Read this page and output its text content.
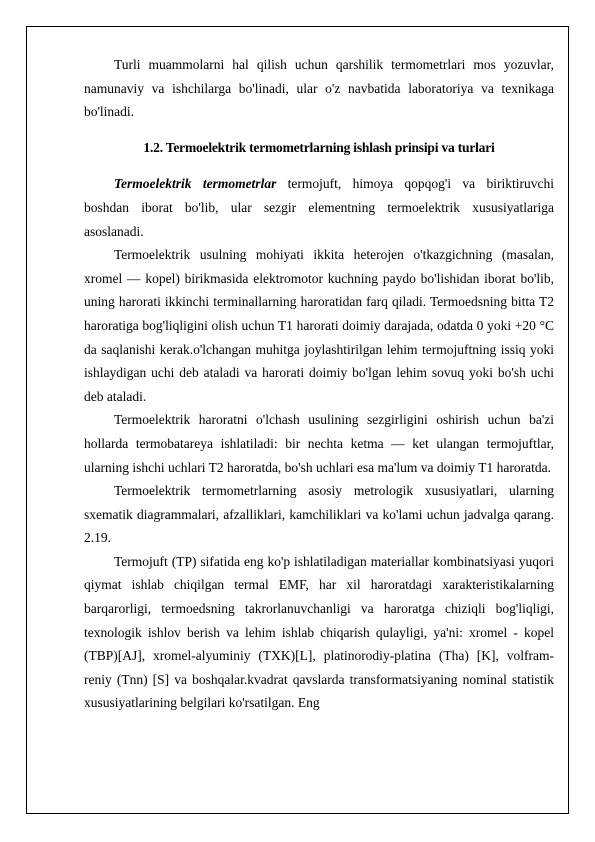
Turli muammolarni hal qilish uchun qarshilik termometrlari mos yozuvlar, namunaviy va ishchilarga bo'linadi, ular o'z navbatida laboratoriya va texnikaga bo'linadi.

1.2. Termoelektrik termometrlarning ishlash prinsipi va turlari

Termoelektrik termometrlar termojuft, himoya qopqog'i va biriktiruvchi boshdan iborat bo'lib, ular sezgir elementning termoelektrik xususiyatlariga asoslanadi.

Termoelektrik usulning mohiyati ikkita heterojen o'tkazgichning (masalan, xromel — kopel) birikmasida elektromotor kuchning paydo bo'lishidan iborat bo'lib, uning harorati ikkinchi terminallarning haroratidan farq qiladi. Termoedsning bitta T2 haroratiga bog'liqligini olish uchun T1 harorati doimiy darajada, odatda 0 yoki +20 °C da saqlanishi kerak.o'lchangan muhitga joylashtirilgan lehim termojuftning issiq yoki ishlaydigan uchi deb ataladi va harorati doimiy bo'lgan lehim sovuq yoki bo'sh uchi deb ataladi.

Termoelektrik haroratni o'lchash usulining sezgirligini oshirish uchun ba'zi hollarda termobatareya ishlatiladi: bir nechta ketma — ket ulangan termojuftlar, ularning ishchi uchlari T2 haroratda, bo'sh uchlari esa ma'lum va doimiy T1 haroratda.

Termoelektrik termometrlarning asosiy metrologik xususiyatlari, ularning sxematik diagrammalari, afzalliklari, kamchiliklari va ko'lami uchun jadvalga qarang. 2.19.

Termojuft (TP) sifatida eng ko'p ishlatiladigan materiallar kombinatsiyasi yuqori qiymat ishlab chiqilgan termal EMF, har xil haroratdagi xarakteristikalarning barqarorligi, termoedsning takrorlanuvchanligi va haroratga chiziqli bog'liqligi, texnologik ishlov berish va lehim ishlab chiqarish qulayligi, ya'ni: xromel - kopel (TBP)[AJ], xromel-alyuminiy (TXK)[L], platinorodiy-platina (Tha) [K], volfram-reniy (Tnn) [S] va boshqalar.kvadrat qavslarda transformatsiyaning nominal statistik xususiyatlarining belgilari ko'rsatilgan. Eng
